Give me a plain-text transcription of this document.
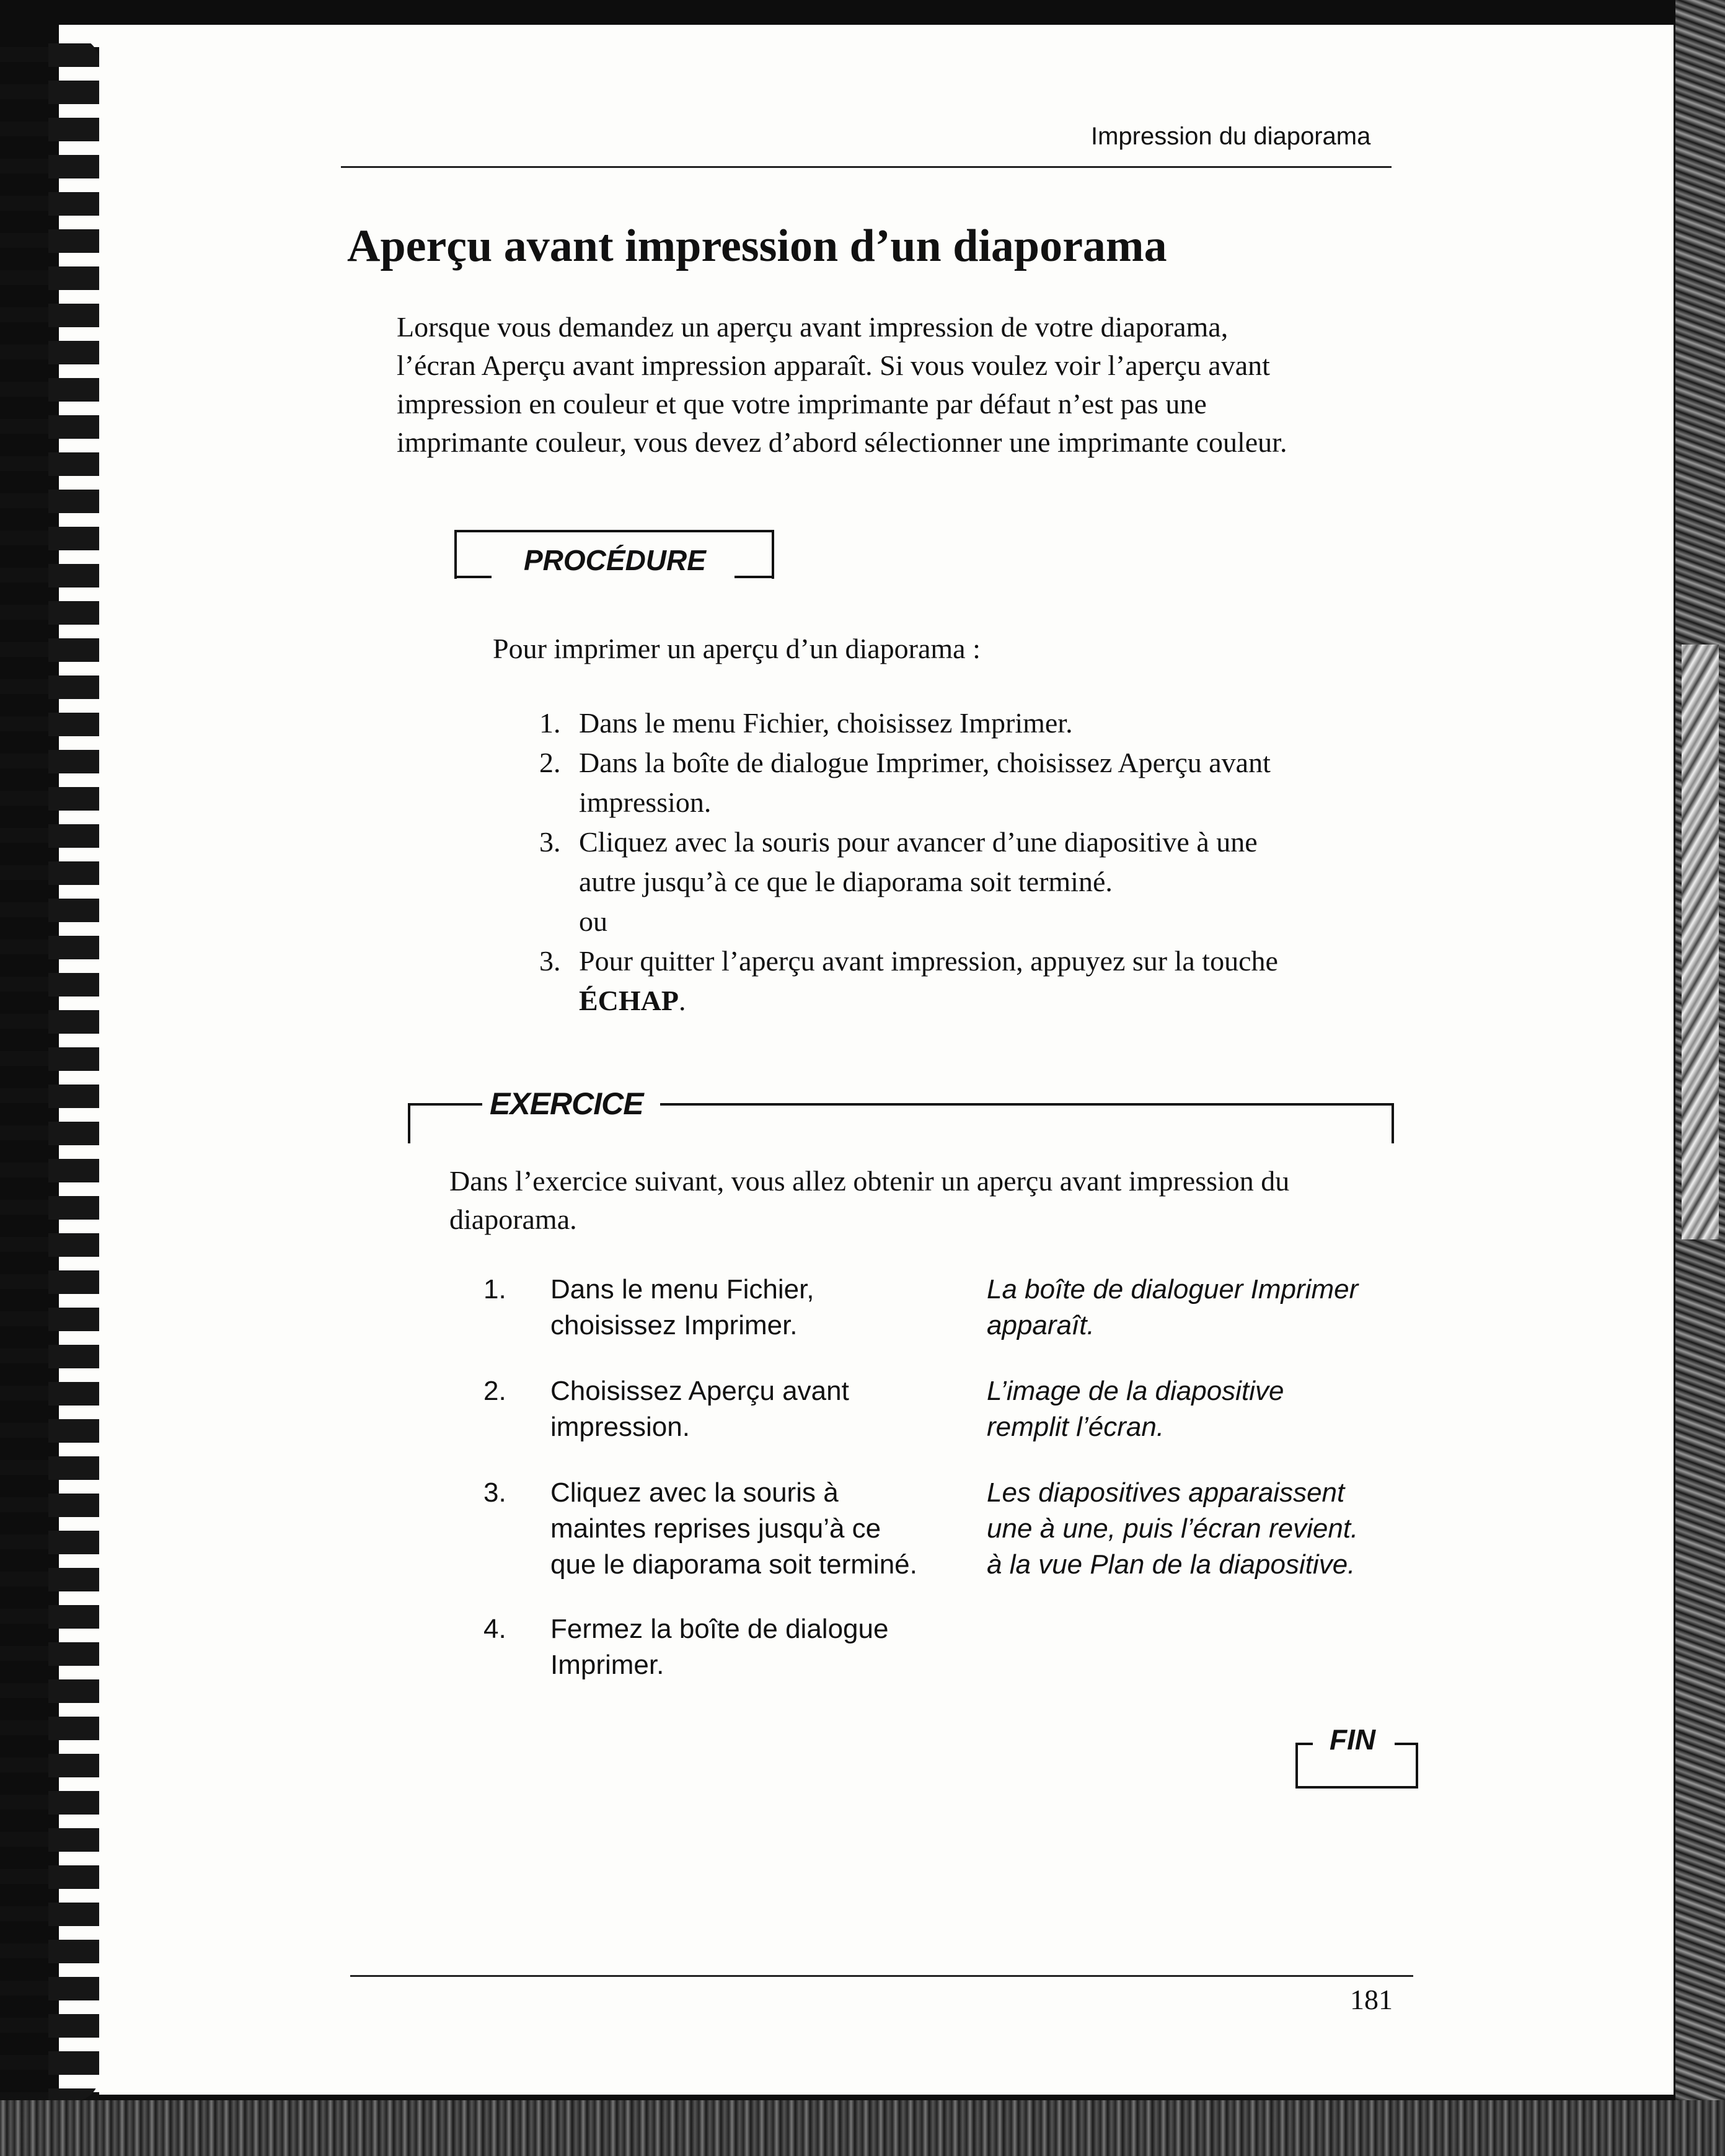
Impression du diaporama
Aperçu avant impression d’un diaporama
Lorsque vous demandez un aperçu avant impression de votre diaporama,
l’écran Aperçu avant impression apparaît. Si vous voulez voir l’aperçu avant
impression en couleur et que votre imprimante par défaut n’est pas une
imprimante couleur, vous devez d’abord sélectionner une imprimante couleur.
PROCÉDURE
Pour imprimer un aperçu d’un diaporama :
1. Dans le menu Fichier, choisissez Imprimer.
2. Dans la boîte de dialogue Imprimer, choisissez Aperçu avant
impression.
3. Cliquez avec la souris pour avancer d’une diapositive à une
autre jusqu’à ce que le diaporama soit terminé.
ou
3. Pour quitter l’aperçu avant impression, appuyez sur la touche
ÉCHAP.
EXERCICE
Dans l’exercice suivant, vous allez obtenir un aperçu avant impression du
diaporama.
1. Dans le menu Fichier,
choisissez Imprimer.
La boîte de dialoguer Imprimer
apparaît.
2. Choisissez Aperçu avant
impression.
L’image de la diapositive
remplit l’écran.
3. Cliquez avec la souris à
maintes reprises jusqu’à ce
que le diaporama soit terminé.
Les diapositives apparaissent
une à une, puis l’écran revient.
à la vue Plan de la diapositive.
4. Fermez la boîte de dialogue
Imprimer.
FIN
181
